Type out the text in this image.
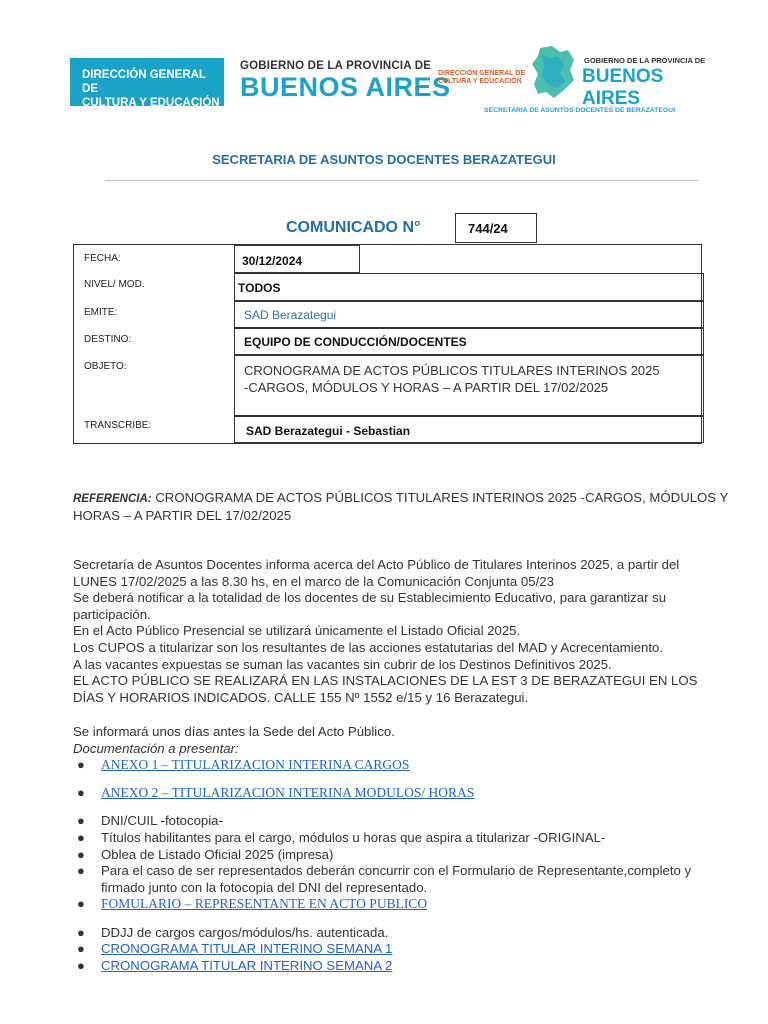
DIRECCIÓN GENERAL DE
CULTURA Y EDUCACIÓN
GOBIERNO DE LA PROVINCIA DE
BUENOS AIRES
DIRECCIÓN GENERAL DE
CULTURA Y EDUCACIÓN
GOBIERNO DE LA PROVINCIA DE
BUENOS AIRES
SECRETARIA DE ASUNTOS DOCENTES DE BERAZATEGUI
SECRETARIA DE ASUNTOS DOCENTES BERAZATEGUI
COMUNICADO N°	744/24
FECHA:	30/12/2024
NIVEL/ MOD.	TODOS
EMITE:	SAD Berazategui
DESTINO:	EQUIPO DE CONDUCCIÓN/DOCENTES
OBJETO:	CRONOGRAMA DE ACTOS PÚBLICOS TITULARES INTERINOS 2025
-CARGOS, MÓDULOS Y HORAS – A PARTIR DEL 17/02/2025
TRANSCRIBE:	SAD Berazategui - Sebastian
REFERENCIA: CRONOGRAMA DE ACTOS PÚBLICOS TITULARES INTERINOS 2025 -CARGOS, MÓDULOS Y
HORAS – A PARTIR DEL 17/02/2025
Secretaría de Asuntos Docentes informa acerca del Acto Público de Titulares Interinos 2025, a partir del
LUNES 17/02/2025 a las 8.30 hs, en el marco de la Comunicación Conjunta 05/23
Se deberá notificar a la totalidad de los docentes de su Establecimiento Educativo, para garantizar su
participación.
En el Acto Público Presencial se utilizará únicamente el Listado Oficial 2025.
Los CUPOS a titularizar son los resultantes de las acciones estatutarias del MAD y Acrecentamiento.
A las vacantes expuestas se suman las vacantes sin cubrir de los Destinos Definitivos 2025.
EL ACTO PÚBLICO SE REALIZARÁ EN LAS INSTALACIONES DE LA EST 3 DE BERAZATEGUI EN LOS
DÍAS Y HORARIOS INDICADOS. CALLE 155 Nº 1552 e/15 y 16 Berazategui.
Se informará unos días antes la Sede del Acto Público.
Documentación a presentar:
● ANEXO 1 – TITULARIZACION INTERINA CARGOS
● ANEXO 2 – TITULARIZACION INTERINA MODULOS/ HORAS
● DNI/CUIL -fotocopia-
● Títulos habilitantes para el cargo, módulos u horas que aspira a titularizar -ORIGINAL-
● Oblea de Listado Oficial 2025 (impresa)
● Para el caso de ser representados deberán concurrir con el Formulario de Representante,completo y
firmado junto con la fotocopia del DNI del representado.
● FOMULARIO – REPRESENTANTE EN ACTO PUBLICO
● DDJJ de cargos cargos/módulos/hs. autenticada.
● CRONOGRAMA TITULAR INTERINO SEMANA 1
● CRONOGRAMA TITULAR INTERINO SEMANA 2
